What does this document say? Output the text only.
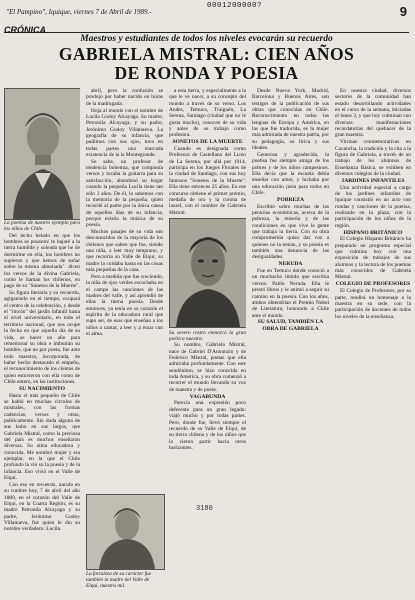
"El Pampino", Iquique, viernes 7 de Abril de 1989.-
0001200000?	9
CRÓNICA
Maestros y estudiantes de todos los niveles evocarán su recuerdo
GABRIELA MISTRAL: CIEN AÑOS
DE RONDA Y POESIA

La poetisa de nuestro ejemplo para los niños de Chile.

Del techo helado en que los hombres se posaron/ te bajaré a la tierra humilde y soleada que he de dormirme en ella, los hombres no supieron y que hemos de soñar sobre la misma almohada". dicen los versos de la divina Gabriela, como le llaman los chilenos, en pago de su "Sonetos de la Muerte".

Su figura literaria y su recuerdo, agigantado en el tiempo, ocupará el centro de la celebración, y desde el "rincón" del jardín infantil hasta el nivel universitario, en todo el territorio nacional, que nos ocupe la fecha en que aquella día de su vida, se hacer un año para rememorar su obra e imbuirán su hombre, que no por poeta, fue ante todo maestra, incorporada, de haber hecho destacado el empeño, el reconocimiento de los cientos de quien estuvieron con ella como de Chile entero, en las instituciones.

SU NACIMIENTO

Hasta el más pequeño de Chile se habló en muchas circulos de mistrales, con las formas cadencias, versos y otras, publicamente. Sin duda alguna de sus hubo en sus largos, que Gabriela Mistral, como la preciosa del país es muchos enseñaron diversas. Su alma educadora y conocida. Me nombró mujer y era ejemplar, en la que el Chile profundo la vio su la poesía y de la infancia. Eso vivió en el Valle de Elqui.

Con eso en recuerdo, nacida en su cumbre hoy, 7 de abril del año 1889, en el corazón del Valle de Elqui, en la Cuarta Región; es su madre Petronila Alcayaga y su padre, Jerónimo Godoy Villanueva, fue quien le dio su nombre verdadero: Lucila.

abril, pero la confusión se produjo por haber nacido en horas de la madrugada.

Hoja al mundo con el nombre de Lucila Godoy Alcayaga. Su madre, Petronila Alcayaga, y su padre, Jerónimo Godoy Villanueva. La geografía de su infancia, que pudimos con sus ojos, tuvo en todas partes una marcada existencia de la la Montegrande.

Se sabe, un profesor de tendencia bohemia, que componía versos y tocaba la guitarra para su satisfacción, abandonó su hogar cuando la pequeña Lucila tiene tan sólo 3 años. De él, lo sabemos con la memoria de la pequeña, quien recordó al padre por la única causa de aquellos días de su infancia, porque existía la música de su poesía.

Muchos pasajes de su vida son desconocidos de la mayoría de los chilenos que saben que fue, siendo una niña, a leer muy temprano, y que recorría su Valle de Elqui; su madre la cuidaba hasta en las cosas más pequeñas de la casa.

Pero a medida que fue creciendo, la niña de ojos verdes escuchaba en el campo las canciones de las madres del valle, y así aprendió de ellas la tierna poesía. Desde entonces, ya tenía en su corazón el espíritu de la educadora rural que supo ser, de esas que enseñan a los niños a cantar, a leer y a rezar con el alma.

La fortaleza de su carácter fue también la madre del Valle de Elqui, nuestra mil.

a esta tierra, y especialmente a la que le ve nacer, a su concepto del mundo a través de su verso. Los Andes, Temuco, Traiguén, La Serena, Santiago (ciudad que no le gusta mucho), conocen de su vida y antes de su trabajo como profesora.

SONETOS DE LA MUERTE

Cuando es designada como Profesora de Castellano del Liceo de La Serena, por allá por 1914, participa en los Juegos Florales de la ciudad de Santiago, con sus hoy famosos "Sonetos de la Muerte". Ella tiene entonces 25 años. En ese concurso obtiene el primer premio, medalla de oro y la corona de laurel, con el nombre de Gabriela Mistral.

Su severo rostro enmarcó la gran poética nuestra.

Su nombre, Gabriela Mistral, nace de Gabriel D'Annunzio y de Federico Mistral, poetas que ella admiraba profundamente. Con este seudónimo, se hizo conocida en toda América, y su obra comenzó a recorrer el mundo llevando su voz de maestra y de poeta.

VAGABUNDA

Parecía una expresión poco deferente para un gran legado: viajó mucho y por todas partes. Pero, donde fue, llevó siempre el recuerdo de su Valle de Elqui, de su tierra chilena y de los niños que la vieron partir hacia otros horizontes.

Desde Nueva York, Madrid, Barcelona y Buenos Aires, son testigos de la publicación de sus obras que conocidas en Chile. Reconocimiento en todas las lenguas de Europa y América, en las que fue traducida, es la mujer más admirada de nuestra patria, por su pedagogía, su lírica y sus ideales.

Generosa y agradecida, la poetisa fue siempre amiga de los pobres y de los niños campesinos. Ella decía que la escuela debía enseñar con amor, y luchaba por una educación justa para todos en Chile.

POBREZA

Escribió sobre muchas de las penurias económicas, acerca de la pobreza, la miseria y de las condiciones en que vive la gente que trabaja la tierra. Con su obra comprometida quiso dar voz a quienes no la tenían, y su poesía es también una denuncia de las desigualdades.

NERUDA

Fue en Temuco donde conoció a un muchacho tímido que escribía versos: Pablo Neruda. Ella le prestó libros y le animó a seguir su camino en la poesía. Con los años, ambos obtendrían el Premio Nobel de Literatura, honrando a Chile ante el mundo.

SU SALUD, TAMBIÉN LA OBRA DE GABRIELA

En nuestra ciudad, diversos sectores de la comunidad han estado desarrollando actividades en el curso de la semana, iniciadas el lunes 3, y que hoy culminan con diversas manifestaciones recordatorias del quehacer de la gran maestra.

Vitrinas conmemorativas en Cavancha, la tradición y la cita a la figura de Gabriela, a través de un trabajo de los alumnos de Enseñanza Básica, se exhiben en diversos colegios de la ciudad.

JARDINES INFANTILES

Una actividad especial a cargo de los jardines infantiles de Iquique consistió en un acto con rondas y canciones de la poetisa, realizado en la plaza, con la participación de los niños de la región.

HISPANO BRITÁNICO

El Colegio Hispano Británico ha preparado un programa especial que culmina hoy con una exposición de trabajos de sus alumnos y la lectura de los poemas más conocidos de Gabriela Mistral.

COLEGIO DE PROFESORES

El Colegio de Profesores, por su parte, rendirá un homenaje a la maestra en su sede, con la participación de docentes de todos los niveles de la enseñanza.

3180
